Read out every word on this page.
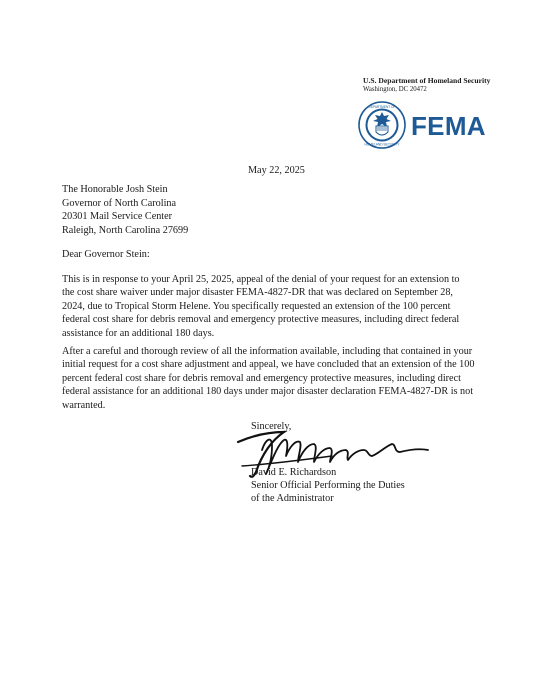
U.S. Department of Homeland Security
Washington, DC 20472
DEPARTMENT OF
HOMELAND SECURITY
FEMA
May 22, 2025
The Honorable Josh Stein
Governor of North Carolina
20301 Mail Service Center
Raleigh, North Carolina 27699
Dear Governor Stein:
This is in response to your April 25, 2025, appeal of the denial of your request for an extension to
the cost share waiver under major disaster FEMA-4827-DR that was declared on September 28,
2024, due to Tropical Storm Helene. You specifically requested an extension of the 100 percent
federal cost share for debris removal and emergency protective measures, including direct federal
assistance for an additional 180 days.
After a careful and thorough review of all the information available, including that contained in your
initial request for a cost share adjustment and appeal, we have concluded that an extension of the 100
percent federal cost share for debris removal and emergency protective measures, including direct
federal assistance for an additional 180 days under major disaster declaration FEMA-4827-DR is not
warranted.
Sincerely,
David E. Richardson
Senior Official Performing the Duties
of the Administrator
